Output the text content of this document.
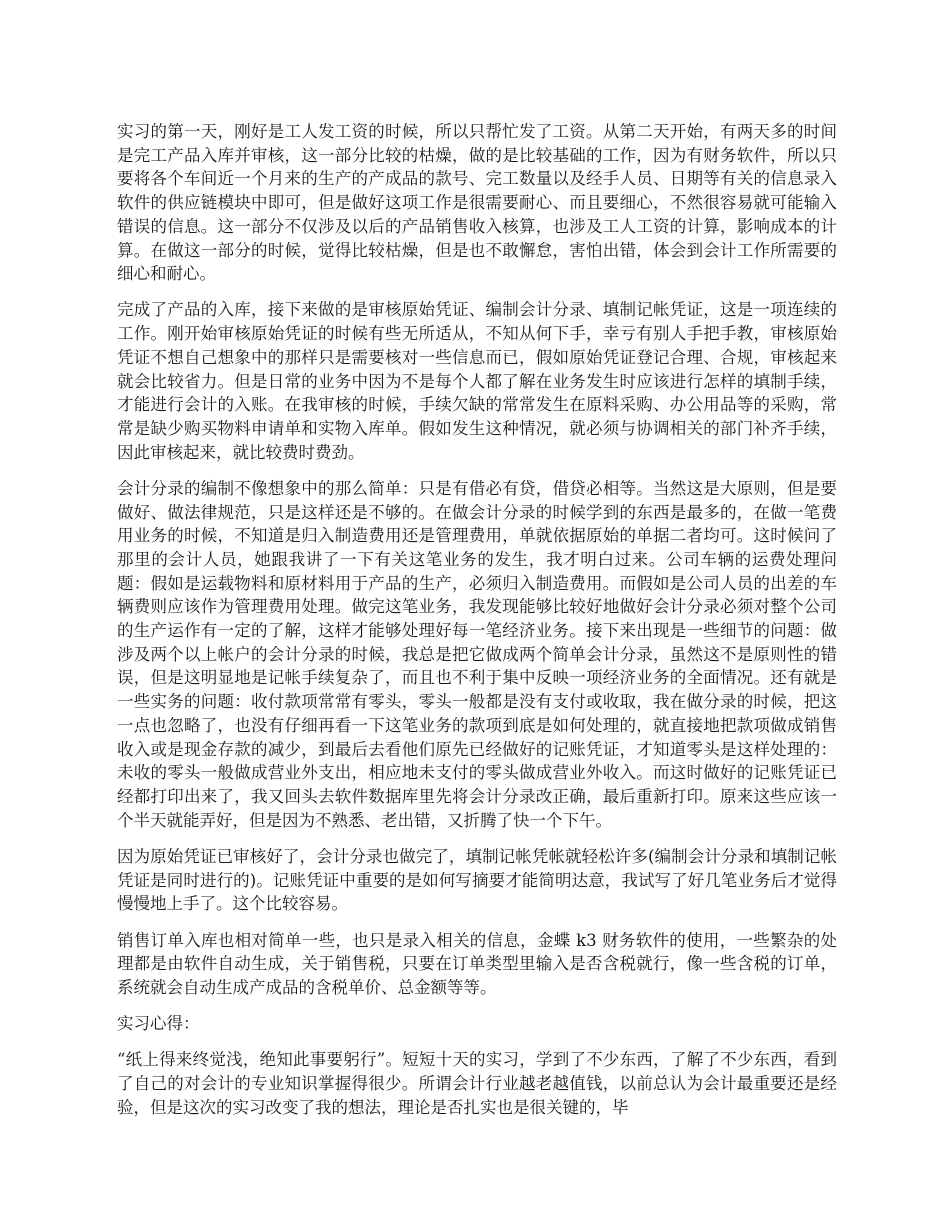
实习的第一天，刚好是工人发工资的时候，所以只帮忙发了工资。从第二天开始，有两天多的时间是完工产品入库并审核，这一部分比较的枯燥，做的是比较基础的工作，因为有财务软件，所以只要将各个车间近一个月来的生产的产成品的款号、完工数量以及经手人员、日期等有关的信息录入软件的供应链模块中即可，但是做好这项工作是很需要耐心、而且要细心，不然很容易就可能输入错误的信息。这一部分不仅涉及以后的产品销售收入核算，也涉及工人工资的计算，影响成本的计算。在做这一部分的时候，觉得比较枯燥，但是也不敢懈怠，害怕出错，体会到会计工作所需要的细心和耐心。

完成了产品的入库，接下来做的是审核原始凭证、编制会计分录、填制记帐凭证，这是一项连续的工作。刚开始审核原始凭证的时候有些无所适从，不知从何下手，幸亏有别人手把手教，审核原始凭证不想自己想象中的那样只是需要核对一些信息而已，假如原始凭证登记合理、合规，审核起来就会比较省力。但是日常的业务中因为不是每个人都了解在业务发生时应该进行怎样的填制手续，才能进行会计的入账。在我审核的时候，手续欠缺的常常发生在原料采购、办公用品等的采购，常常是缺少购买物料申请单和实物入库单。假如发生这种情况，就必须与协调相关的部门补齐手续，因此审核起来，就比较费时费劲。

会计分录的编制不像想象中的那么简单：只是有借必有贷，借贷必相等。当然这是大原则，但是要做好、做法律规范，只是这样还是不够的。在做会计分录的时候学到的东西是最多的，在做一笔费用业务的时候，不知道是归入制造费用还是管理费用，单就依据原始的单据二者均可。这时候问了那里的会计人员，她跟我讲了一下有关这笔业务的发生，我才明白过来。公司车辆的运费处理问题：假如是运载物料和原材料用于产品的生产，必须归入制造费用。而假如是公司人员的出差的车辆费则应该作为管理费用处理。做完这笔业务，我发现能够比较好地做好会计分录必须对整个公司的生产运作有一定的了解，这样才能够处理好每一笔经济业务。接下来出现是一些细节的问题：做涉及两个以上帐户的会计分录的时候，我总是把它做成两个简单会计分录，虽然这不是原则性的错误，但是这明显地是记帐手续复杂了，而且也不利于集中反映一项经济业务的全面情况。还有就是一些实务的问题：收付款项常常有零头，零头一般都是没有支付或收取，我在做分录的时候，把这一点也忽略了，也没有仔细再看一下这笔业务的款项到底是如何处理的，就直接地把款项做成销售收入或是现金存款的减少，到最后去看他们原先已经做好的记账凭证，才知道零头是这样处理的：未收的零头一般做成营业外支出，相应地未支付的零头做成营业外收入。而这时做好的记账凭证已经都打印出来了，我又回头去软件数据库里先将会计分录改正确，最后重新打印。原来这些应该一个半天就能弄好，但是因为不熟悉、老出错，又折腾了快一个下午。

因为原始凭证已审核好了，会计分录也做完了，填制记帐凭帐就轻松许多(编制会计分录和填制记帐凭证是同时进行的)。记账凭证中重要的是如何写摘要才能简明达意，我试写了好几笔业务后才觉得慢慢地上手了。这个比较容易。

销售订单入库也相对简单一些，也只是录入相关的信息，金蝶 k3 财务软件的使用，一些繁杂的处理都是由软件自动生成，关于销售税，只要在订单类型里输入是否含税就行，像一些含税的订单，系统就会自动生成产成品的含税单价、总金额等等。

实习心得：

“纸上得来终觉浅，绝知此事要躬行”。短短十天的实习，学到了不少东西，了解了不少东西，看到了自己的对会计的专业知识掌握得很少。所谓会计行业越老越值钱，以前总认为会计最重要还是经验，但是这次的实习改变了我的想法，理论是否扎实也是很关键的，毕
